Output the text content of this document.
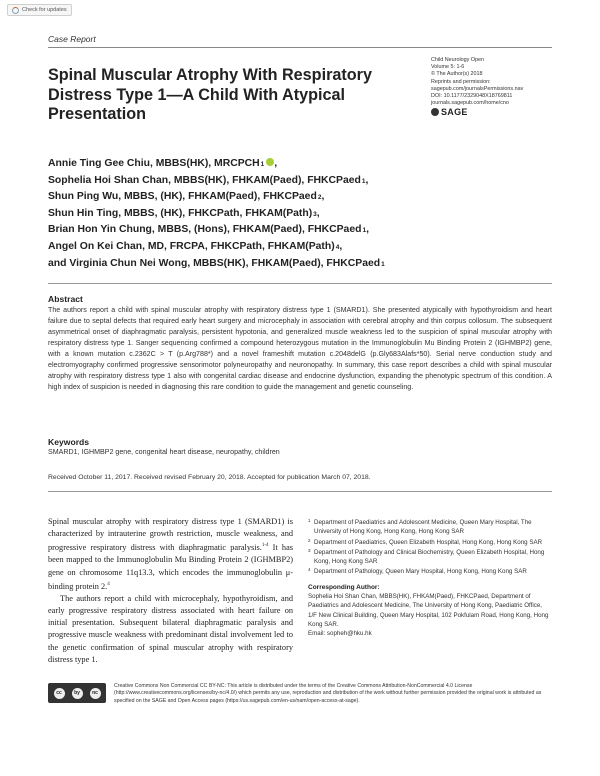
Check for updates
Case Report
Spinal Muscular Atrophy With Respiratory Distress Type 1—A Child With Atypical Presentation
Child Neurology Open
Volume 5: 1-6
© The Author(s) 2018
Reprints and permission:
sagepub.com/journalsPermissions.nav
DOI: 10.1177/2329048X18769811
journals.sagepub.com/home/cno
SAGE
Annie Ting Gee Chiu, MBBS(HK), MRCPCH 1 ,
Sophelia Hoi Shan Chan, MBBS(HK), FHKAM(Paed), FHKCPaed 1 ,
Shun Ping Wu, MBBS, (HK), FHKAM(Paed), FHKCPaed 2 ,
Shun Hin Ting, MBBS, (HK), FHKCPath, FHKAM(Path) 3 ,
Brian Hon Yin Chung, MBBS, (Hons), FHKAM(Paed), FHKCPaed 1 ,
Angel On Kei Chan, MD, FRCPA, FHKCPath, FHKAM(Path) 4 ,
and Virginia Chun Nei Wong, MBBS(HK), FHKAM(Paed), FHKCPaed 1
Abstract

The authors report a child with spinal muscular atrophy with respiratory distress type 1 (SMARD1). She presented atypically with hypothyroidism and heart failure due to septal defects that required early heart surgery and microcephaly in association with cerebral atrophy and thin corpus collosum. The subsequent asymmetrical onset of diaphragmatic paralysis, persistent hypotonia, and generalized muscle weakness led to the suspicion of spinal muscular atrophy with respiratory distress type 1. Sanger sequencing confirmed a compound heterozygous mutation in the Immunoglobulin Mu Binding Protein 2 (IGHMBP2) gene, with a known mutation c.2362C > T (p.Arg788*) and a novel frameshift mutation c.2048delG (p.Gly683Alafs*50). Serial nerve conduction study and electromyography confirmed progressive sensorimotor polyneuropathy and neuronopathy. In summary, this case report describes a child with spinal muscular atrophy with respiratory distress type 1 also with congenital cardiac disease and endocrine dysfunction, expanding the phenotypic spectrum of this condition. A high index of suspicion is needed in diagnosing this rare condition to guide the management and genetic counseling.

Keywords

SMARD1, IGHMBP2 gene, congenital heart disease, neuropathy, children

Received October 11, 2017. Received revised February 20, 2018. Accepted for publication March 07, 2018.

Spinal muscular atrophy with respiratory distress type 1 (SMARD1) is characterized by intrauterine growth restriction, muscle weakness, and progressive respiratory distress with diaphragmatic paralysis.$^{1-4}$ It has been mapped to the Immunoglobulin Mu Binding Protein 2 (IGHMBP2) gene on chromosome 11q13.3, which encodes the immunoglobulin μ-binding protein 2.$^4$

The authors report a child with microcephaly, hypothyroidism, and early progressive respiratory distress associated with heart failure on initial presentation. Subsequent bilateral diaphragmatic paralysis and progressive muscle weakness with predominant distal involvement led to the genetic confirmation of spinal muscular atrophy with respiratory distress type 1.

1 Department of Paediatrics and Adolescent Medicine, Queen Mary Hospital, The University of Hong Kong, Hong Kong, Hong Kong SAR
2 Department of Paediatrics, Queen Elizabeth Hospital, Hong Kong, Hong Kong SAR
3 Department of Pathology and Clinical Biochemistry, Queen Elizabeth Hospital, Hong Kong, Hong Kong SAR
4 Department of Pathology, Queen Mary Hospital, Hong Kong, Hong Kong SAR
Corresponding Author:
Sophelia Hoi Shan Chan, MBBS(HK), FHKAM(Paed), FHKCPaed, Department of Paediatrics and Adolescent Medicine, The University of Hong Kong, Paediatric Office, 1/F New Clinical Building, Queen Mary Hospital, 102 Pokfulam Road, Hong Kong, Hong Kong SAR.
Email: sopheh@hku.hk
cc	by	nc

Creative Commons Non Commercial CC BY-NC: This article is distributed under the terms of the Creative Commons Attribution-NonCommercial 4.0 License (http://www.creativecommons.org/licenses/by-nc/4.0/) which permits any use, reproduction and distribution of the work without further permission provided the original work is attributed as specified on the SAGE and Open Access pages (https://us.sagepub.com/en-us/nam/open-access-at-sage).
